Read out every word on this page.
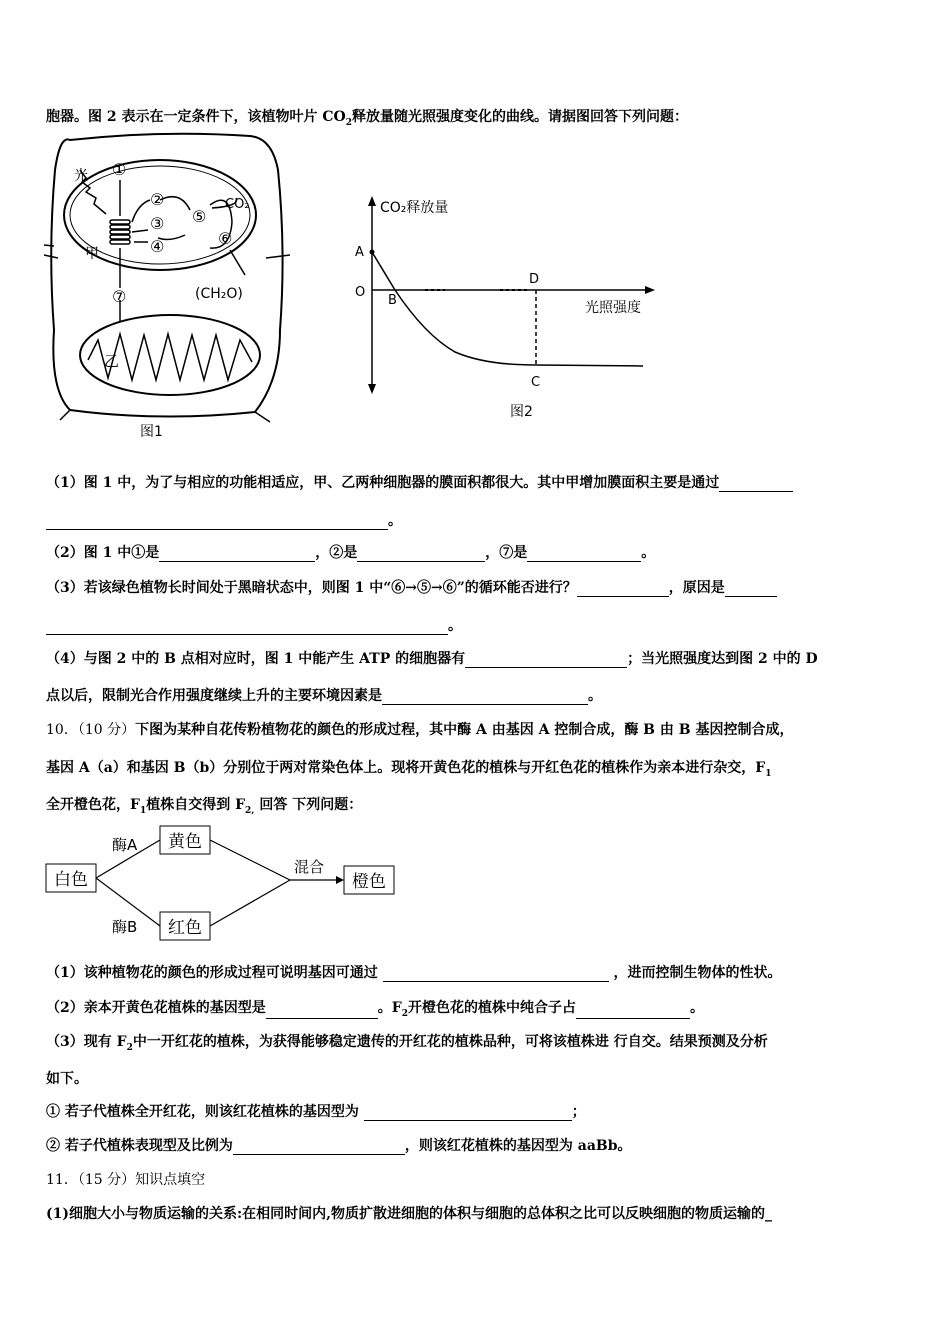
胞器。图 2 表示在一定条件下，该植物叶片 $CO_2$释放量随光照强度变化的曲线。请据图回答下列问题：
光
甲
①
②
③
④
⑤
⑥
⑦
CO₂
(CH₂O)
乙
图1
CO₂释放量
光照强度
A
O
B
D
C
图2
（1）图 1 中，为了与相应的功能相适应，甲、乙两种细胞器的膜面积都很大。其中甲增加膜面积主要是通过
。
（2）图 1 中①是	，②是	，⑦是	。
（3）若该绿色植物长时间处于黑暗状态中，则图 1 中“⑥→⑤→⑥”的循环能否进行？	，原因是
。
（4）与图 2 中的 B 点相对应时，图 1 中能产生 ATP 的细胞器有	；当光照强度达到图 2 中的 D
点以后，限制光合作用强度继续上升的主要环境因素是	。
10．（10 分）下图为某种自花传粉植物花的颜色的形成过程，其中酶 A 由基因 A 控制合成，酶 B 由 B 基因控制合成，
基因 A（a）和基因 B（b）分别位于两对常染色体上。现将开黄色花的植株与开红色花的植株作为亲本进行杂交，$F_1$
全开橙色花，$F_1$植株自交得到 $F_{2,}$ 回答 下列问题：
白色
黄色
红色
橙色
酶A
酶B
混合
（1）该种植物花的颜色的形成过程可说明基因可通过	，进而控制生物体的性状。
（2）亲本开黄色花植株的基因型是	。$F_2$开橙色花的植株中纯合子占	。
（3）现有 $F_2$中一开红花的植株，为获得能够稳定遗传的开红花的植株品种，可将该植株进 行自交。结果预测及分析
如下。
① 若子代植株全开红花，则该红花植株的基因型为	；
② 若子代植株表现型及比例为	，则该红花植株的基因型为 aaBb。
11．（15 分）知识点填空
(1)细胞大小与物质运输的关系:在相同时间内,物质扩散进细胞的体积与细胞的总体积之比可以反映细胞的物质运输的_
